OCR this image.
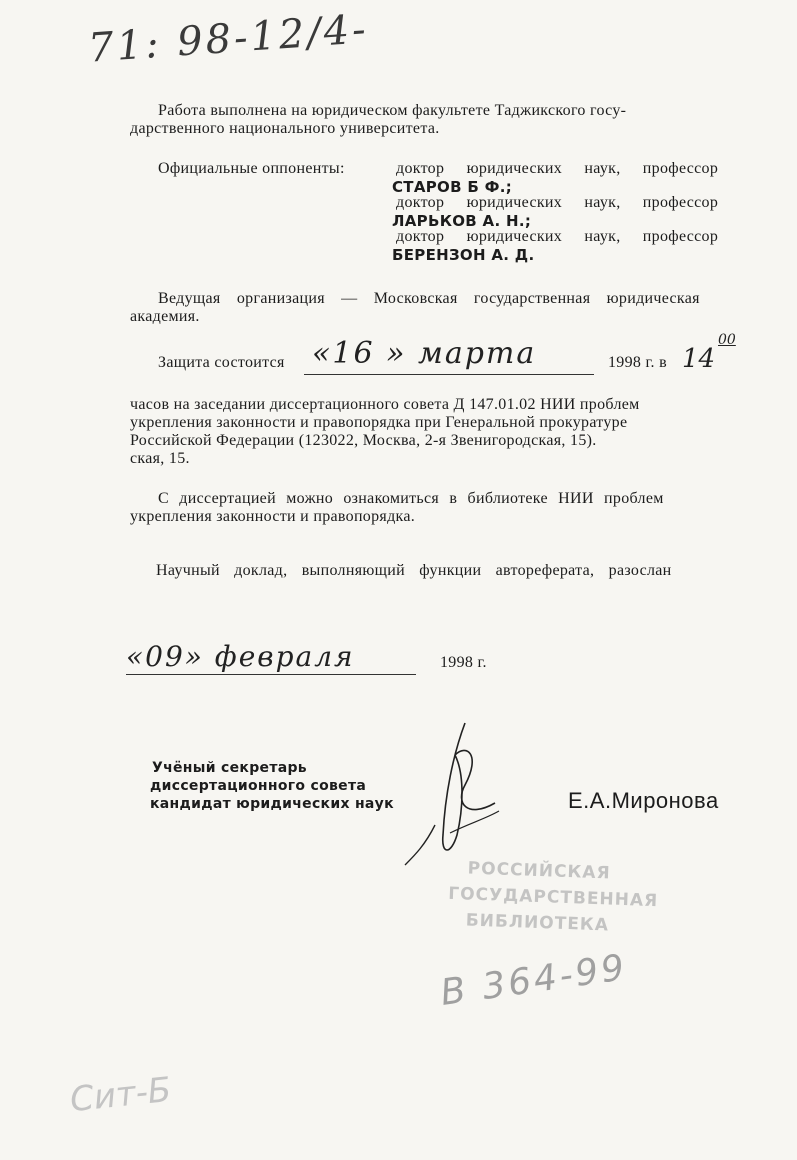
71: 98-12/4-
Работа выполнена на юридическом факультете Таджикского госу-
дарственного национального университета.
Официальные оппоненты:	доктор юридических наук, профессор
СТАРОВ Б Ф.;
доктор юридических наук, профессор
ЛАРЬКОВ А. Н.;
доктор юридических наук, профессор
БЕРЕНЗОН А. Д.
Ведущая организация — Московская государственная юридическая
академия.
Защита состоится «16 » марта	1998 г. в 14
00
часов на заседании диссертационного совета Д 147.01.02 НИИ проблем
укрепления законности и правопорядка при Генеральной прокуратуре
Российской Федерации (123022, Москва, 2-я Звенигородская, 15).
ская, 15.
С диссертацией можно ознакомиться в библиотеке НИИ проблем
укрепления законности и правопорядка.
Научный доклад, выполняющий функции автореферата, разослан
«09» февраля	1998 г.
Учёный секретарь
диссертационного совета
кандидат юридических наук	Е.А.Миронова
РОССИЙСКАЯ
ГОСУДАРСТВЕННАЯ
БИБЛИОТЕКА
В 364-99
Сит-Б
